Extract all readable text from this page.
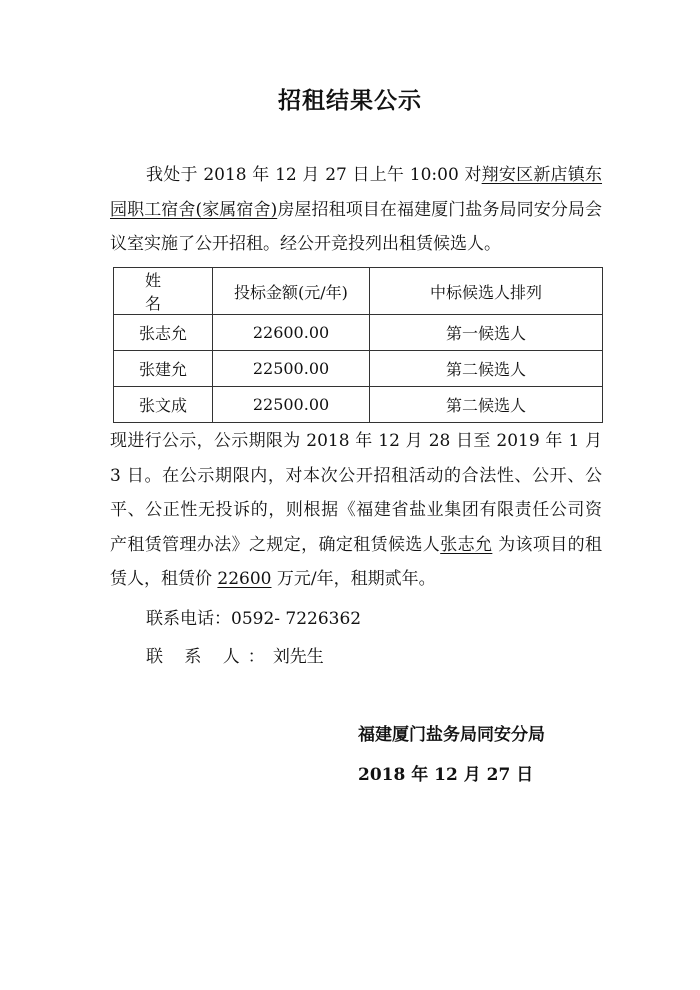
招租结果公示

我处于 2018 年 12 月 27 日上午 10:00 对翔安区新店镇东园职工宿舍(家属宿舍)房屋招租项目在福建厦门盐务局同安分局会议室实施了公开招租。经公开竞投列出租赁候选人。

姓 名	投标金额(元/年)	中标候选人排列
张志允	22600.00	第一候选人
张建允	22500.00	第二候选人
张文成	22500.00	第二候选人

现进行公示，公示期限为 2018 年 12 月 28 日至 2019 年 1 月 3 日。在公示期限内，对本次公开招租活动的合法性、公开、公平、公正性无投诉的，则根据《福建省盐业集团有限责任公司资产租赁管理办法》之规定，确定租赁候选人张志允 为该项目的租赁人，租赁价 22600 万元/年，租期贰年。

联系电话：0592- 7226362
联 系 人：刘先生
福建厦门盐务局同安分局
2018 年 12 月 27 日
